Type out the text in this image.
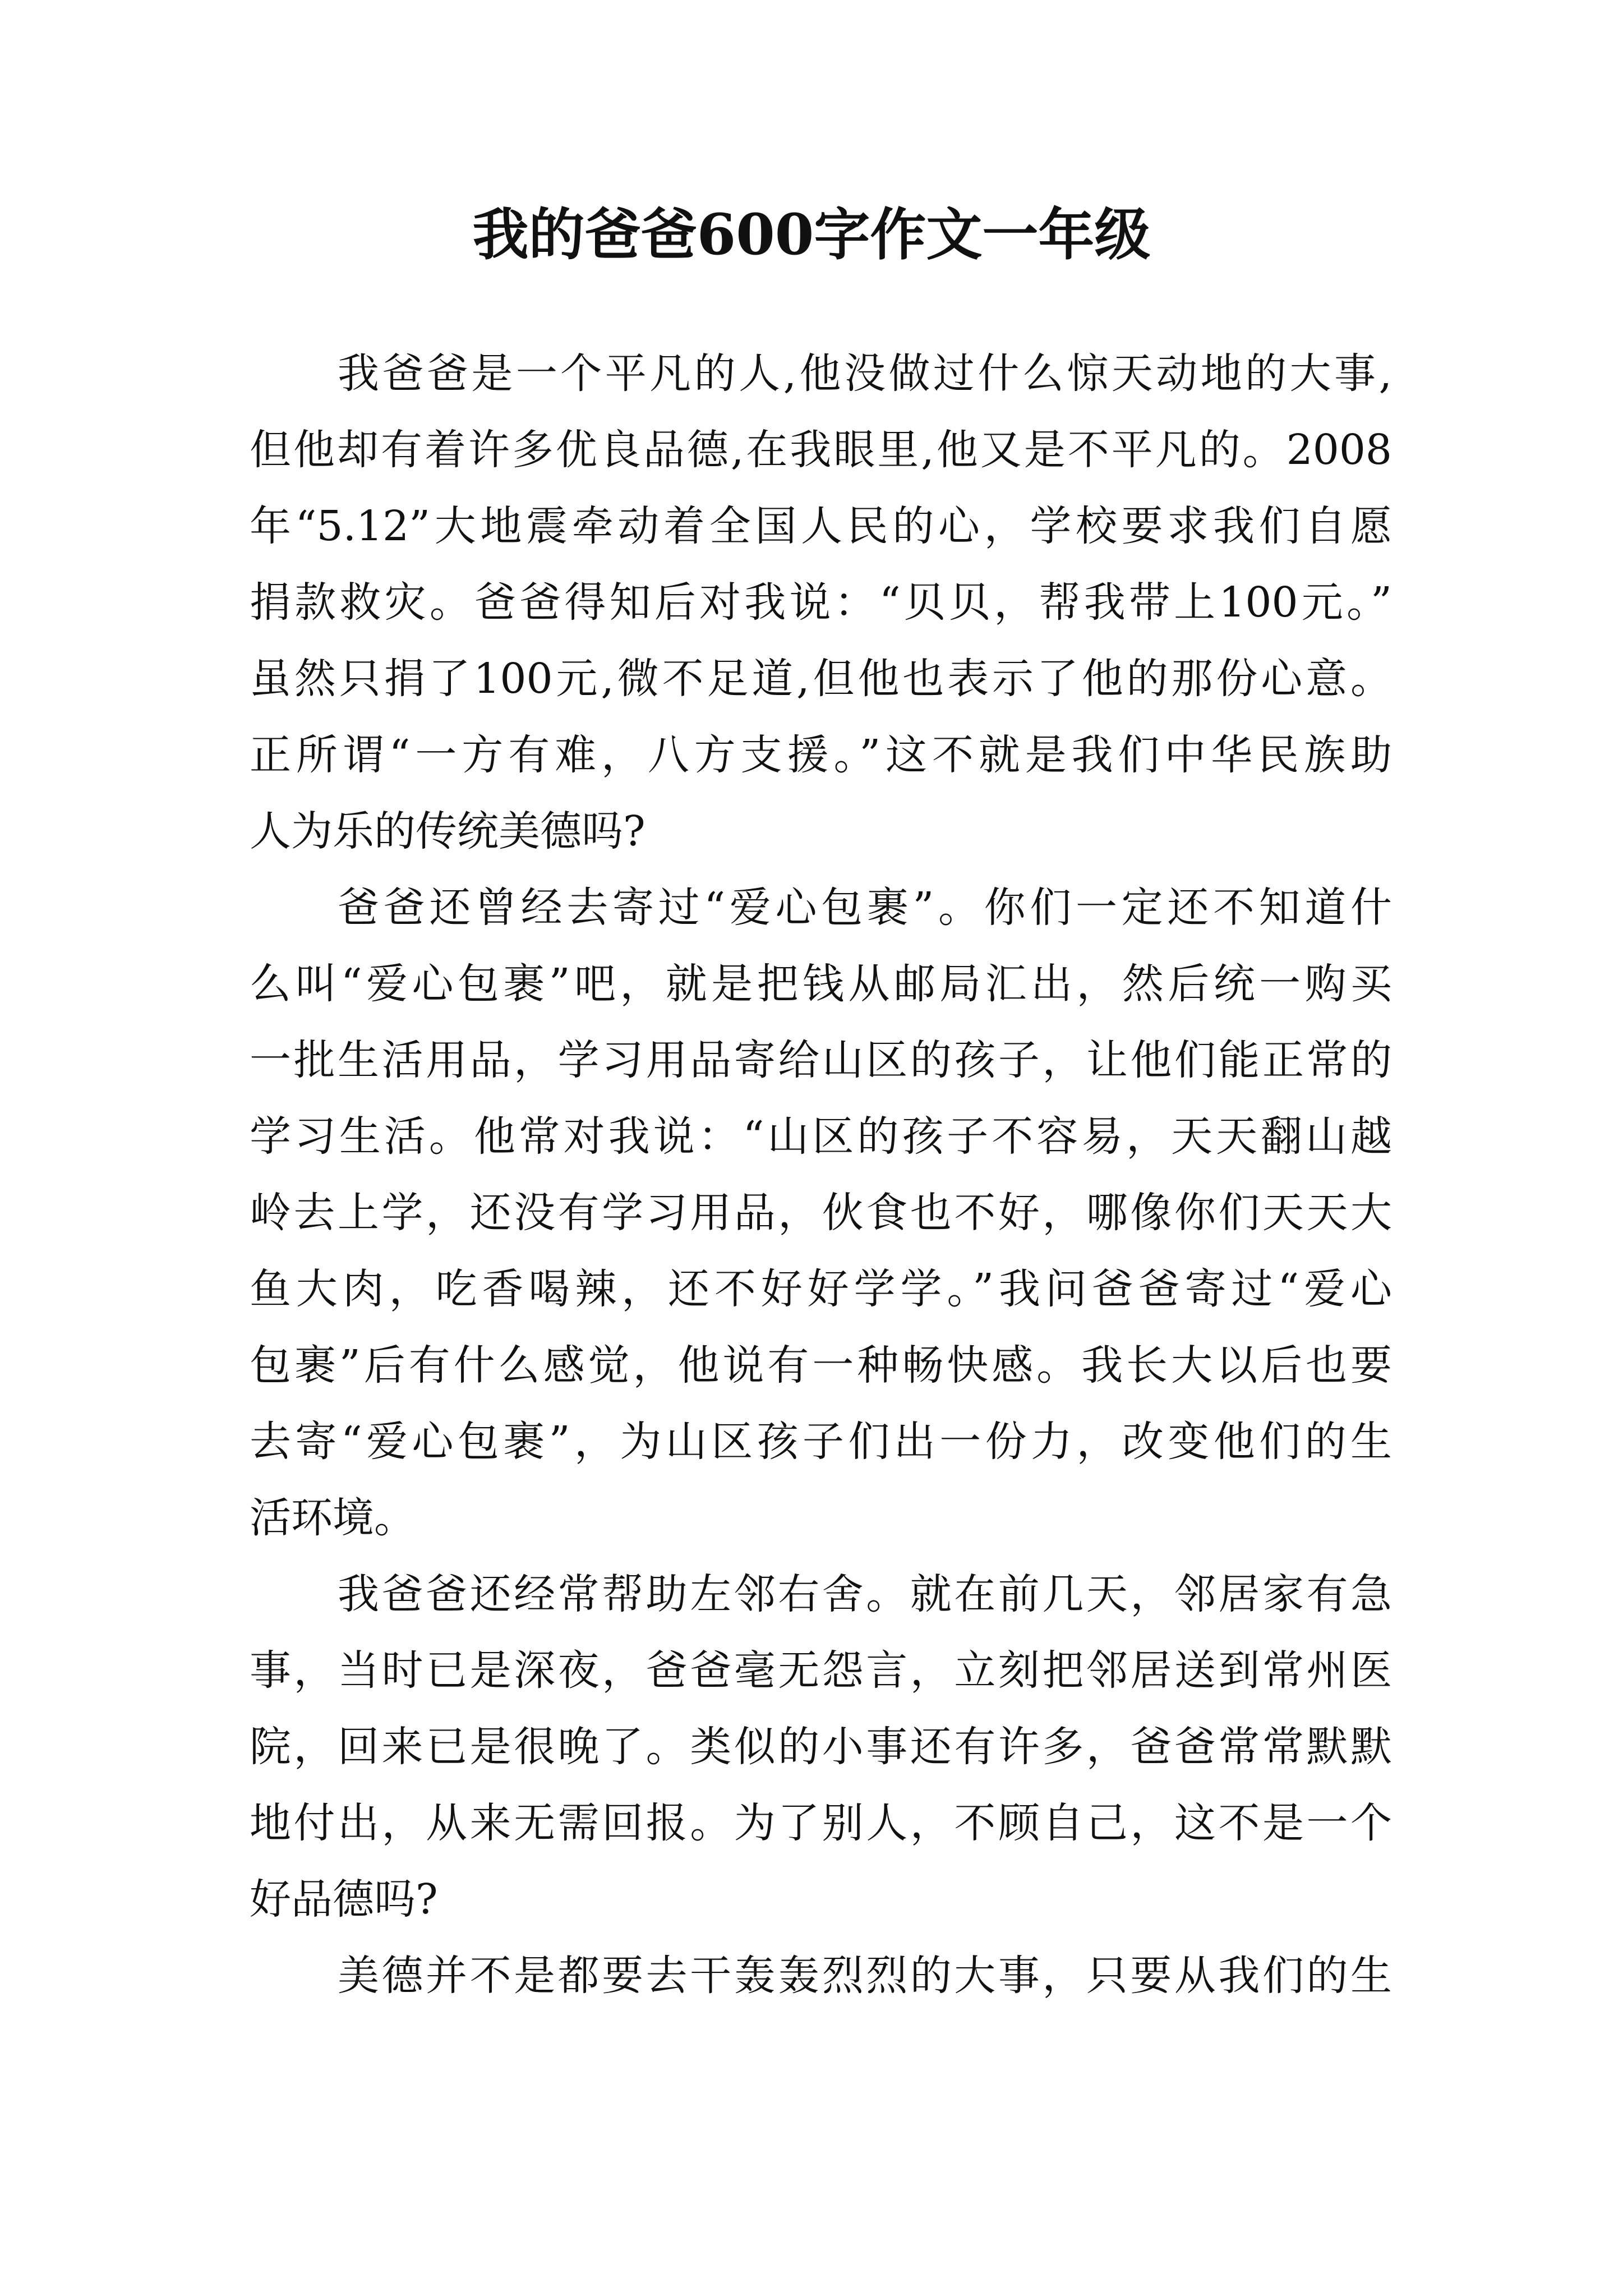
我的爸爸600字作文一年级
我爸爸是一个平凡的人,他没做过什么惊天动地的大事,
但他却有着许多优良品德,在我眼里,他又是不平凡的。2008
年“5.12”大地震牵动着全国人民的心，学校要求我们自愿
捐款救灾。爸爸得知后对我说：“贝贝，帮我带上100元。”
虽然只捐了100元,微不足道,但他也表示了他的那份心意。
正所谓“一方有难，八方支援。”这不就是我们中华民族助
人为乐的传统美德吗?
爸爸还曾经去寄过“爱心包裹”。你们一定还不知道什
么叫“爱心包裹”吧，就是把钱从邮局汇出，然后统一购买
一批生活用品，学习用品寄给山区的孩子，让他们能正常的
学习生活。他常对我说：“山区的孩子不容易，天天翻山越
岭去上学，还没有学习用品，伙食也不好，哪像你们天天大
鱼大肉，吃香喝辣，还不好好学学。”我问爸爸寄过“爱心
包裹”后有什么感觉，他说有一种畅快感。我长大以后也要
去寄“爱心包裹”，为山区孩子们出一份力，改变他们的生
活环境。
我爸爸还经常帮助左邻右舍。就在前几天，邻居家有急
事，当时已是深夜，爸爸毫无怨言，立刻把邻居送到常州医
院，回来已是很晚了。类似的小事还有许多，爸爸常常默默
地付出，从来无需回报。为了别人，不顾自己，这不是一个
好品德吗?
美德并不是都要去干轰轰烈烈的大事，只要从我们的生
